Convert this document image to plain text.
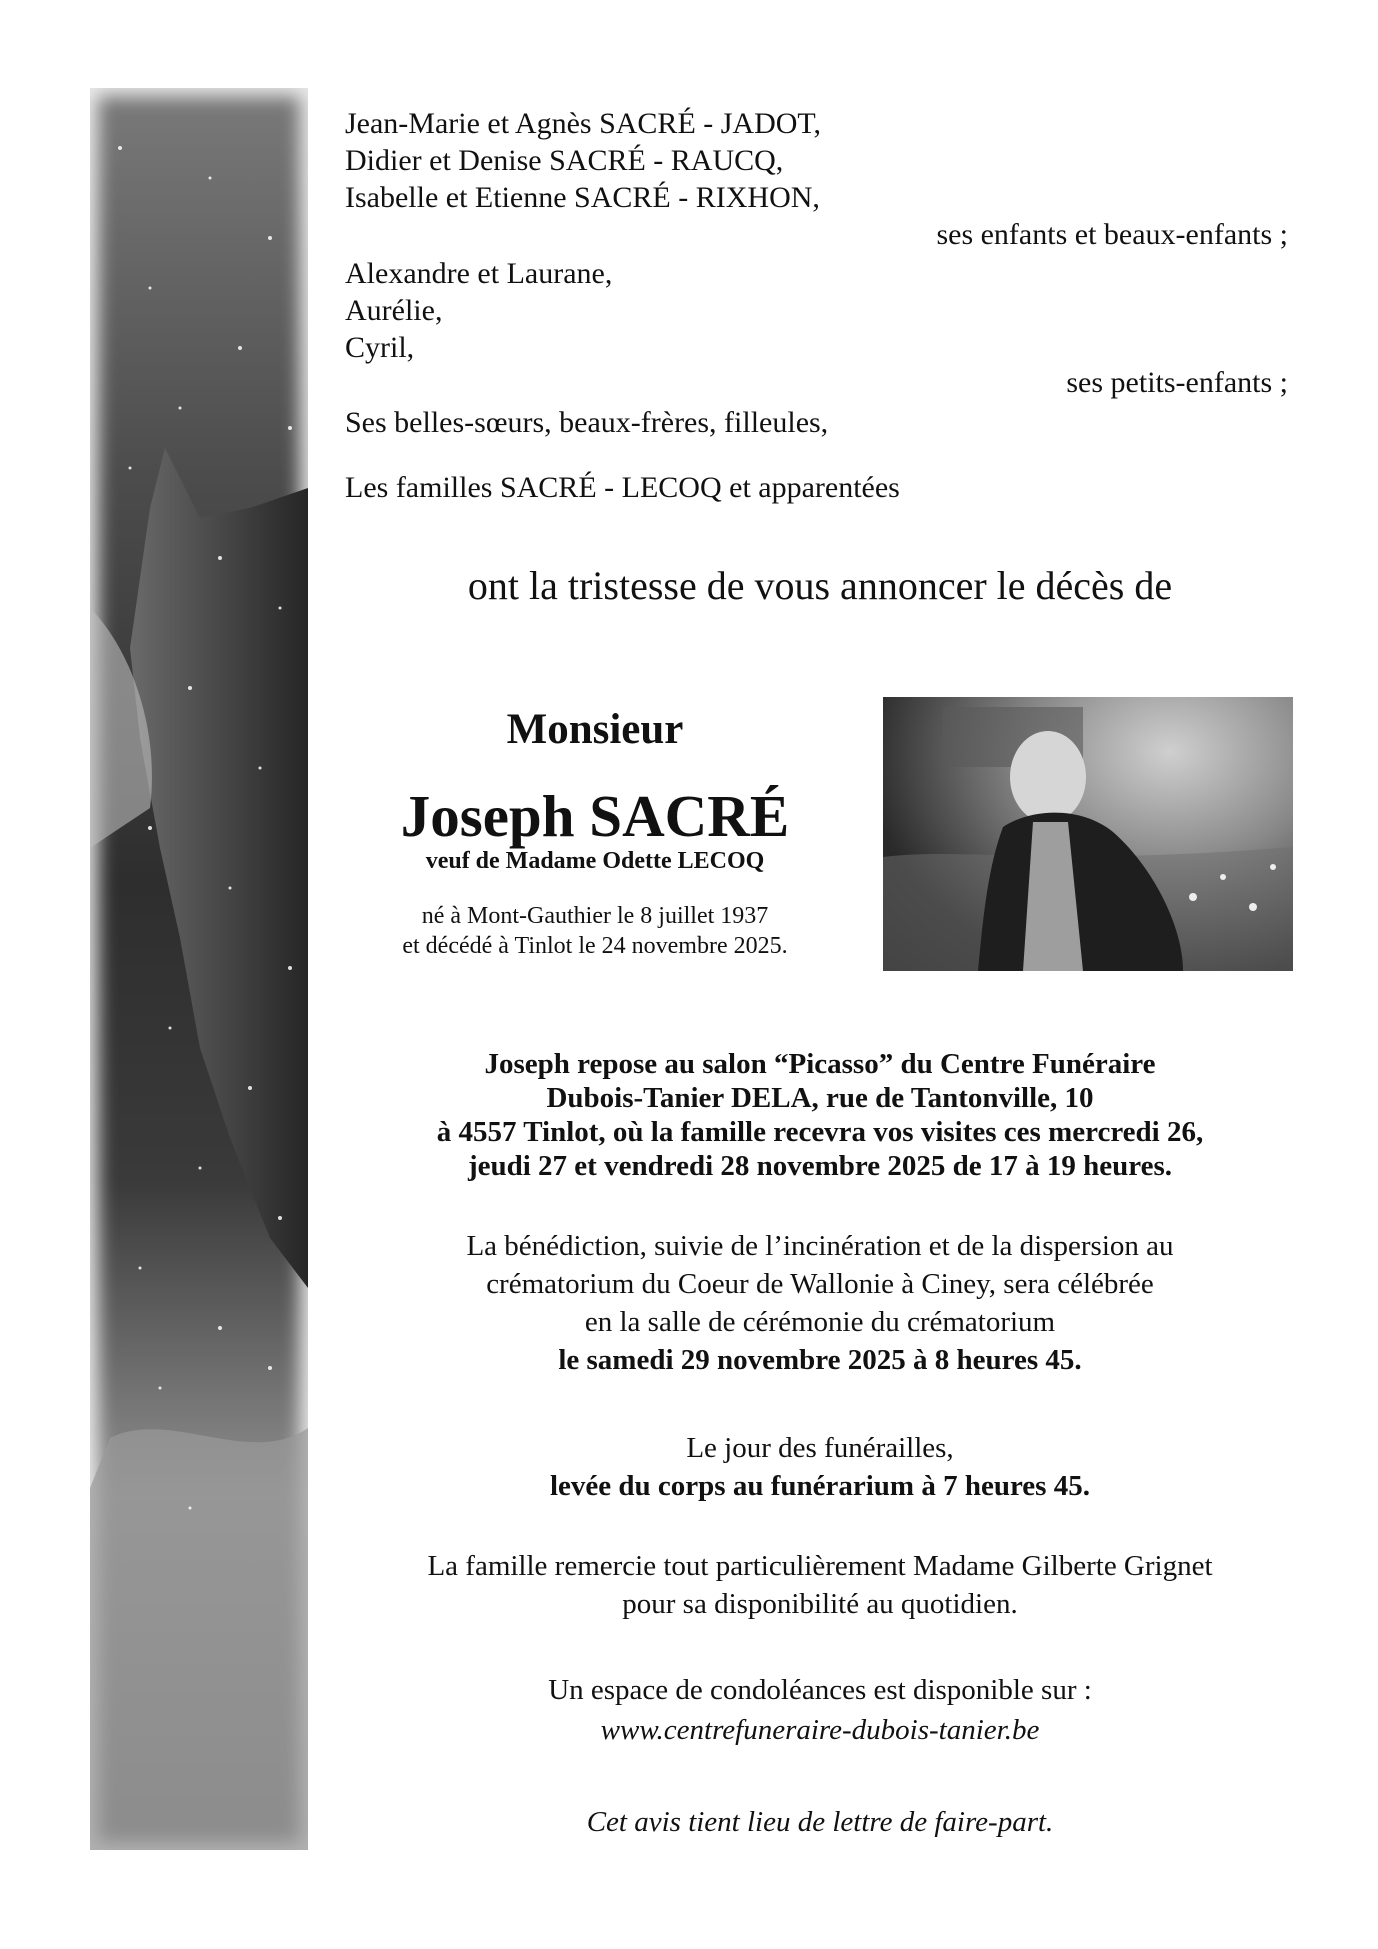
Jean-Marie et Agnès SACRÉ - JADOT,
Didier et Denise SACRÉ - RAUCQ,
Isabelle et Etienne SACRÉ - RIXHON,
ses enfants et beaux-enfants ;
Alexandre et Laurane,
Aurélie,
Cyril,
ses petits-enfants ;
Ses belles-sœurs, beaux-frères, filleules,
Les familles SACRÉ - LECOQ et apparentées
ont la tristesse de vous annoncer le décès de
Monsieur
Joseph SACRÉ
veuf de Madame Odette LECOQ
né à Mont-Gauthier le 8 juillet 1937
et décédé à Tinlot le 24 novembre 2025.
Joseph repose au salon “Picasso” du Centre Funéraire
Dubois-Tanier DELA, rue de Tantonville, 10
à 4557 Tinlot, où la famille recevra vos visites ces mercredi 26,
jeudi 27 et vendredi 28 novembre 2025 de 17 à 19 heures.
La bénédiction, suivie de l’incinération et de la dispersion au
crématorium du Coeur de Wallonie à Ciney, sera célébrée
en la salle de cérémonie du crématorium
le samedi 29 novembre 2025 à 8 heures 45.
Le jour des funérailles,
levée du corps au funérarium à 7 heures 45.
La famille remercie tout particulièrement Madame Gilberte Grignet
pour sa disponibilité au quotidien.
Un espace de condoléances est disponible sur :
www.centrefuneraire-dubois-tanier.be
Cet avis tient lieu de lettre de faire-part.
